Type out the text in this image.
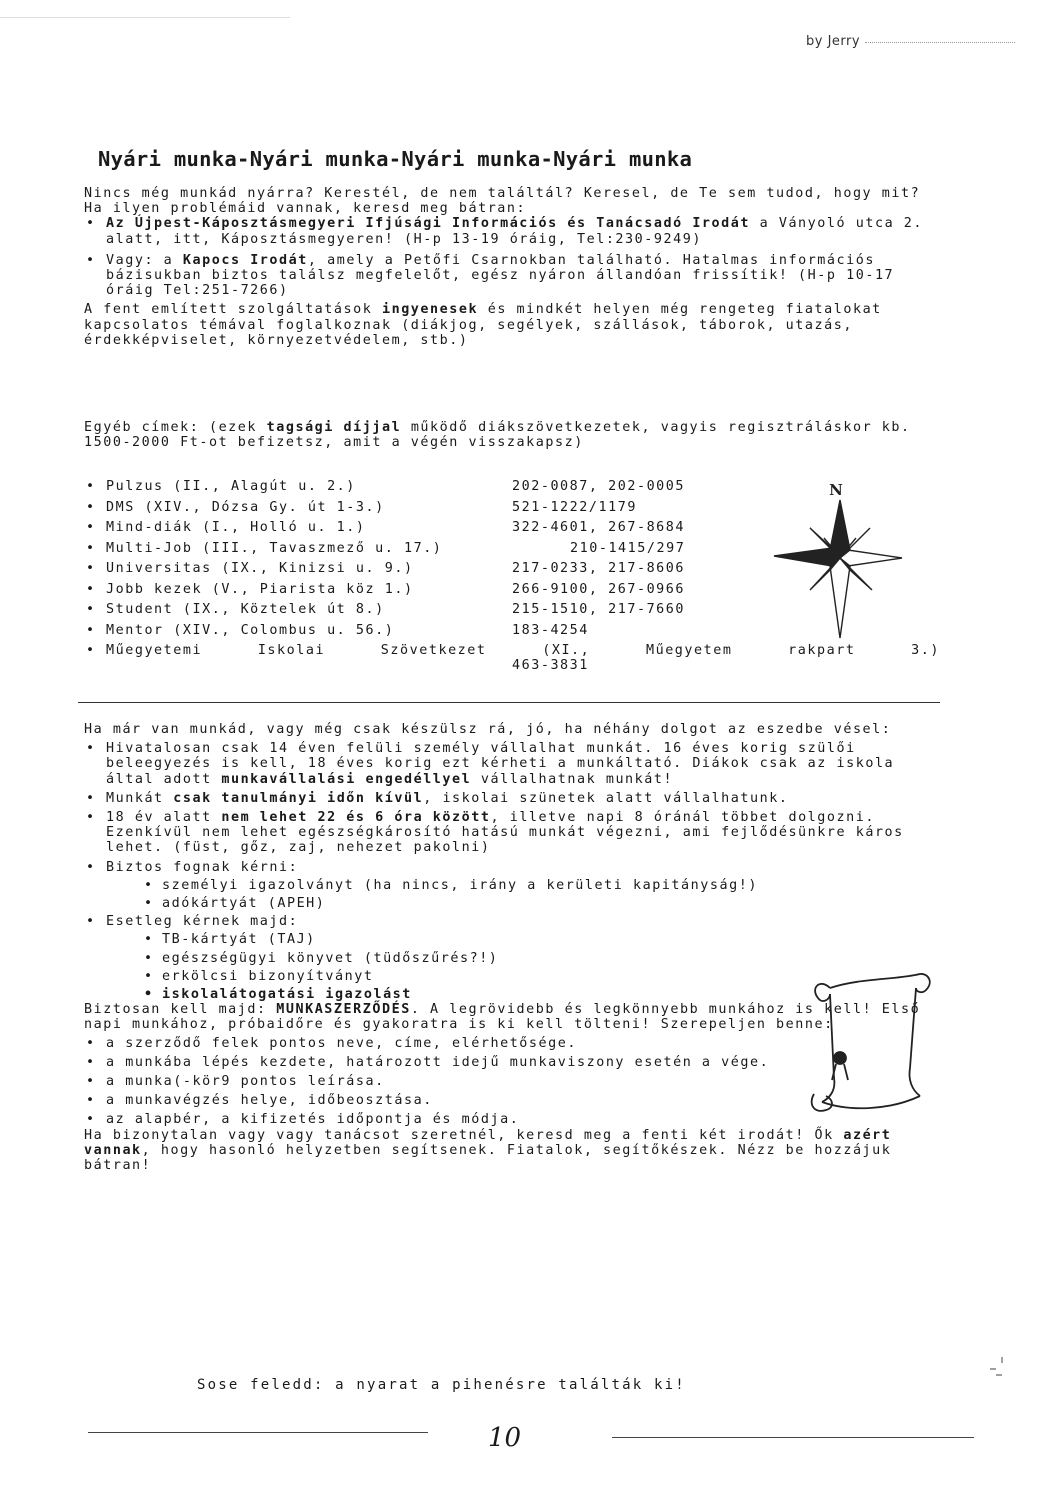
by Jerry
Nyári munka-Nyári munka-Nyári munka-Nyári munka

Nincs még munkád nyárra? Kerestél, de nem találtál? Keresel, de Te sem tudod, hogy mit? Ha ilyen problémáid vannak, keresd meg bátran:

• Az Újpest-Káposztásmegyeri Ifjúsági Információs és Tanácsadó Irodát a Ványoló utca 2. alatt, itt, Káposztásmegyeren! (H-p 13-19 óráig, Tel:230-9249)
• Vagy: a Kapocs Irodát, amely a Petőfi Csarnokban található. Hatalmas információs bázisukban biztos találsz megfelelőt, egész nyáron állandóan frissítik! (H-p 10-17 óráig Tel:251-7266)

A fent említett szolgáltatások ingyenesek és mindkét helyen még rengeteg fiatalokat kapcsolatos témával foglalkoznak (diákjog, segélyek, szállások, táborok, utazás, érdekképviselet, környezetvédelem, stb.)

Egyéb címek: (ezek tagsági díjjal működő diákszövetkezetek, vagyis regisztráláskor kb. 1500-2000 Ft-ot befizetsz, amit a végén visszakapsz)

• Pulzus (II., Alagút u. 2.)	202-0087, 202-0005
• DMS (XIV., Dózsa Gy. út 1-3.)	521-1222/1179
• Mind-diák (I., Holló u. 1.)	322-4601, 267-8684
• Multi-Job (III., Tavaszmező u. 17.)	210-1415/297
• Universitas (IX., Kinizsi u. 9.)	217-0233, 217-8606
• Jobb kezek (V., Piarista köz 1.)	266-9100, 267-0966
• Student (IX., Köztelek út 8.)	215-1510, 217-7660
• Mentor (XIV., Colombus u. 56.)	183-4254
• Műegyetemi Iskolai Szövetkezet (XI., Műegyetem rakpart 3.)
463-3831
N

Ha már van munkád, vagy még csak készülsz rá, jó, ha néhány dolgot az eszedbe vésel:

• Hivatalosan csak 14 éven felüli személy vállalhat munkát. 16 éves korig szülői beleegyezés is kell, 18 éves korig ezt kérheti a munkáltató. Diákok csak az iskola által adott munkavállalási engedéllyel vállalhatnak munkát!
• Munkát csak tanulmányi időn kívül, iskolai szünetek alatt vállalhatunk.
• 18 év alatt nem lehet 22 és 6 óra között, illetve napi 8 óránál többet dolgozni. Ezenkívül nem lehet egészségkárosító hatású munkát végezni, ami fejlődésünkre káros lehet. (füst, gőz, zaj, nehezet pakolni)
• Biztos fognak kérni:
• személyi igazolványt (ha nincs, irány a kerületi kapitányság!)
• adókártyát (APEH)
• Esetleg kérnek majd:
• TB-kártyát (TAJ)
• egészségügyi könyvet (tüdőszűrés?!)
• erkölcsi bizonyítványt
• iskolalátogatási igazolást

Biztosan kell majd: MUNKASZERZŐDÉS. A legrövidebb és legkönnyebb munkához is kell! Első napi munkához, próbaidőre és gyakoratra is ki kell tölteni! Szerepeljen benne:

• a szerződő felek pontos neve, címe, elérhetősége.
• a munkába lépés kezdete, határozott idejű munkaviszony esetén a vége.
• a munka(-kör9 pontos leírása.
• a munkavégzés helye, időbeosztása.
• az alapbér, a kifizetés időpontja és módja.

Ha bizonytalan vagy vagy tanácsot szeretnél, keresd meg a fenti két irodát! Ők azért vannak, hogy hasonló helyzetben segítsenek. Fiatalok, segítőkészek. Nézz be hozzájuk bátran!

Sose feledd: a nyarat a pihenésre találták ki!
10
